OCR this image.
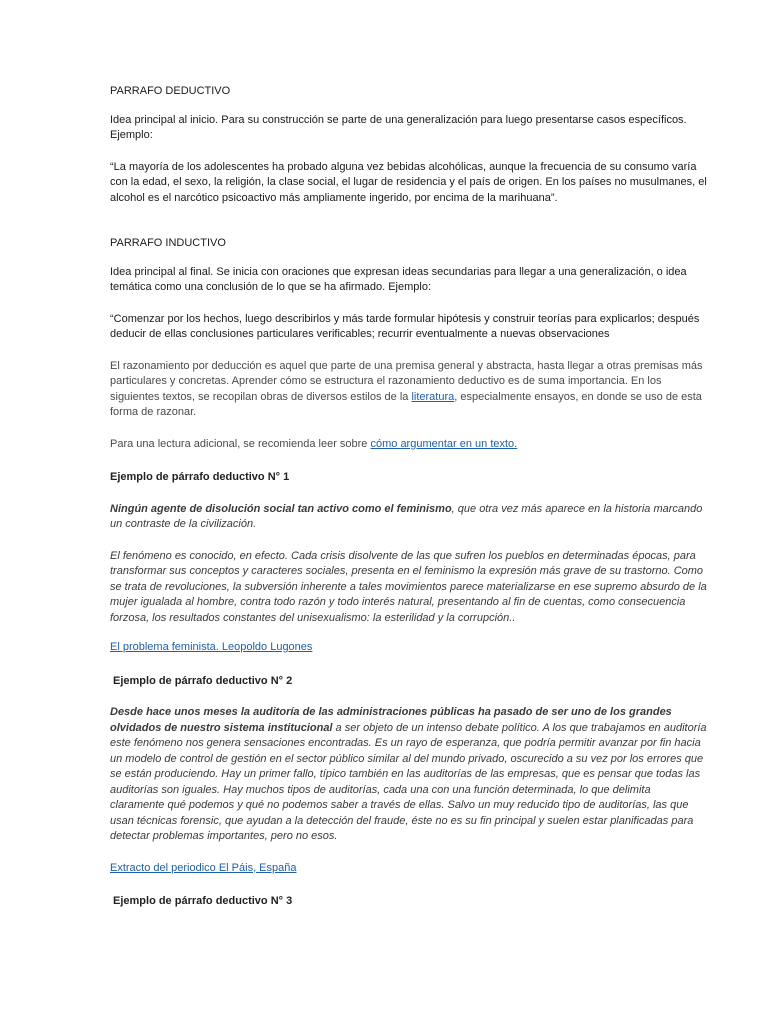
PARRAFO DEDUCTIVO

Idea principal al inicio. Para su construcción se parte de una generalización para luego presentarse casos específicos. Ejemplo:

“La mayoría de los adolescentes ha probado alguna vez bebidas alcohólicas, aunque la frecuencia de su consumo varía con la edad, el sexo, la religión, la clase social, el lugar de residencia y el país de origen. En los países no musulmanes, el alcohol es el narcótico psicoactivo más ampliamente ingerido, por encima de la marihuana”.

PARRAFO INDUCTIVO

Idea principal al final. Se inicia con oraciones que expresan ideas secundarias para llegar a una generalización, o idea temática como una conclusión de lo que se ha afirmado. Ejemplo:

“Comenzar por los hechos, luego describirlos y más tarde formular hipótesis y construir teorías para explicarlos; después deducir de ellas conclusiones particulares verificables; recurrir eventualmente a nuevas observaciones

El razonamiento por deducción es aquel que parte de una premisa general y abstracta, hasta llegar a otras premisas más particulares y concretas. Aprender cómo se estructura el razonamiento deductivo es de suma importancia. En los siguientes textos, se recopilan obras de diversos estilos de la literatura, especialmente ensayos, en donde se uso de esta forma de razonar.

Para una lectura adicional, se recomienda leer sobre cómo argumentar en un texto.

Ejemplo de párrafo deductivo N° 1

Ningún agente de disolución social tan activo como el feminismo, que otra vez más aparece en la historia marcando un contraste de la civilización.

El fenómeno es conocido, en efecto. Cada crisis disolvente de las que sufren los pueblos en determinadas épocas, para transformar sus conceptos y caracteres sociales, presenta en el feminismo la expresión más grave de su trastorno. Como se trata de revoluciones, la subversión inherente a tales movimientos parece materializarse en ese supremo absurdo de la mujer igualada al hombre, contra todo razón y todo interés natural, presentando al fin de cuentas, como consecuencia forzosa, los resultados constantes del unisexualismo: la esterilidad y la corrupción..

El problema feminista. Leopoldo Lugones

Ejemplo de párrafo deductivo N° 2

Desde hace unos meses la auditoría de las administraciones públicas ha pasado de ser uno de los grandes olvidados de nuestro sistema institucional a ser objeto de un intenso debate político. A los que trabajamos en auditoría este fenómeno nos genera sensaciones encontradas. Es un rayo de esperanza, que podría permitir avanzar por fin hacia un modelo de control de gestión en el sector público similar al del mundo privado, oscurecido a su vez por los errores que se están produciendo. Hay un primer fallo, típico también en las auditorías de las empresas, que es pensar que todas las auditorías son iguales. Hay muchos tipos de auditorías, cada una con una función determinada, lo que delimita claramente qué podemos y qué no podemos saber a través de ellas. Salvo un muy reducido tipo de auditorías, las que usan técnicas forensic, que ayudan a la detección del fraude, éste no es su fin principal y suelen estar planificadas para detectar problemas importantes, pero no esos.

Extracto del periodico El Páis, España

Ejemplo de párrafo deductivo N° 3
